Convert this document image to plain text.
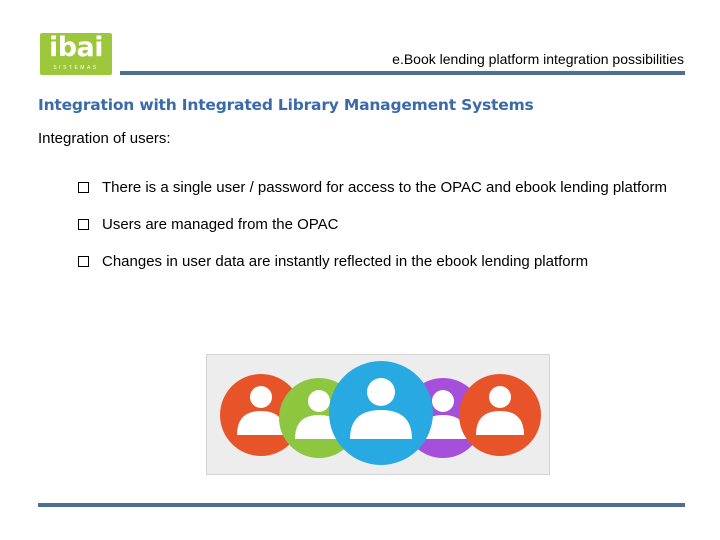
ibai
SISTEMAS
e.Book lending platform integration possibilities
Integration with Integrated Library Management Systems
Integration of users:
There is a single user / password for access to the OPAC and ebook lending platform
Users are managed from the OPAC
Changes in user data are instantly reflected in the ebook lending platform
